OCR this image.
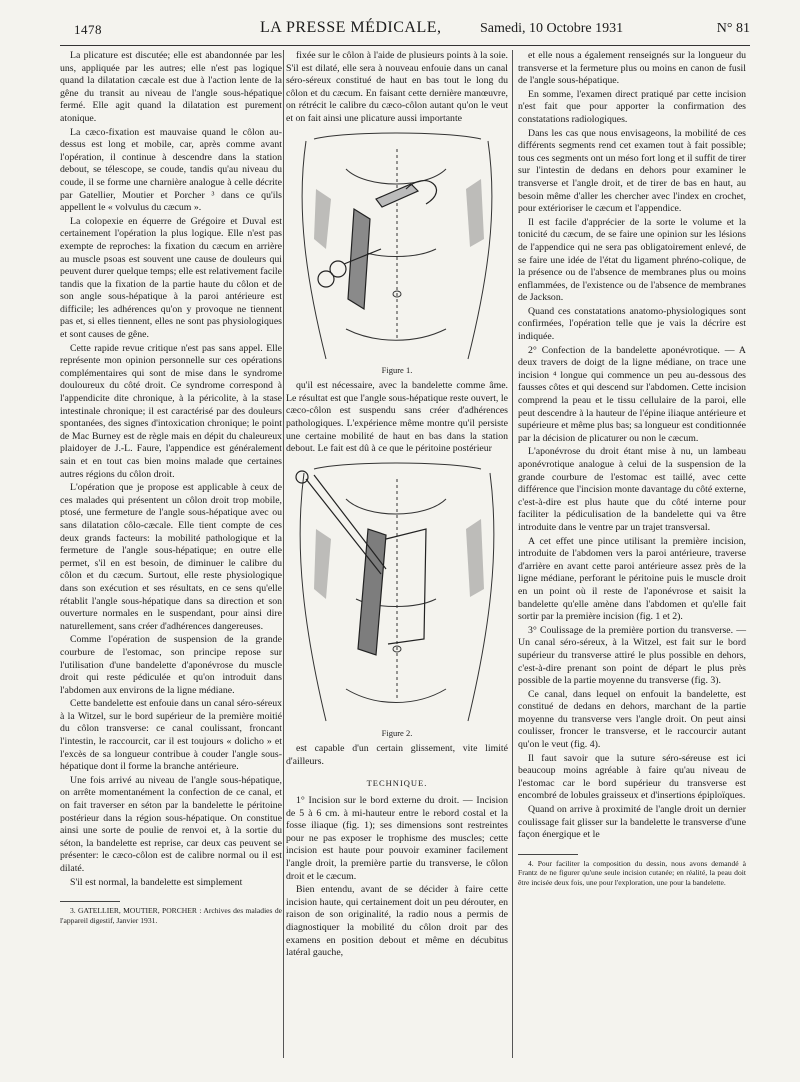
1478	LA PRESSE MÉDICALE,	Samedi, 10 Octobre 1931	N° 81

La plicature est discutée; elle est abandonnée par les uns, appliquée par les autres; elle n'est pas logique quand la dilatation cæcale est due à l'action lente de la gêne du transit au niveau de l'angle sous-hépatique fermé. Elle agit quand la dilatation est purement atonique.

La cæco-fixation est mauvaise quand le côlon au-dessus est long et mobile, car, après comme avant l'opération, il continue à descendre dans la station debout, se télescope, se coude, tandis qu'au niveau du coude, il se forme une charnière analogue à celle décrite par Gatellier, Moutier et Porcher ³ dans ce qu'ils appellent le « volvulus du cæcum ».

La colopexie en équerre de Grégoire et Duval est certainement l'opération la plus logique. Elle n'est pas exempte de reproches: la fixation du cæcum en arrière au muscle psoas est souvent une cause de douleurs qui peuvent durer quelque temps; elle est relativement facile tandis que la fixation de la partie haute du côlon et de son angle sous-hépatique à la paroi antérieure est difficile; les adhérences qu'on y provoque ne tiennent pas et, si elles tiennent, elles ne sont pas physiologiques et sont causes de gêne.

Cette rapide revue critique n'est pas sans appel. Elle représente mon opinion personnelle sur ces opérations complémentaires qui sont de mise dans le syndrome douloureux du côté droit. Ce syndrome correspond à l'appendicite dite chronique, à la péricolite, à la stase intestinale chronique; il est caractérisé par des douleurs spontanées, des signes d'intoxication chronique; le point de Mac Burney est de règle mais en dépit du chaleureux plaidoyer de J.-L. Faure, l'appendice est généralement sain et en tout cas bien moins malade que certaines autres régions du côlon droit.

L'opération que je propose est applicable à ceux de ces malades qui présentent un côlon droit trop mobile, ptosé, une fermeture de l'angle sous-hépatique avec ou sans dilatation côlo-cæcale. Elle tient compte de ces deux grands facteurs: la mobilité pathologique et la fermeture de l'angle sous-hépatique; en outre elle permet, s'il en est besoin, de diminuer le calibre du côlon et du cæcum. Surtout, elle reste physiologique dans son exécution et ses résultats, en ce sens qu'elle rétablit l'angle sous-hépatique dans sa direction et son ouverture normales en le suspendant, pour ainsi dire naturellement, sans créer d'adhérences dangereuses.

Comme l'opération de suspension de la grande courbure de l'estomac, son principe repose sur l'utilisation d'une bandelette d'aponévrose du muscle droit qui reste pédiculée et qu'on introduit dans l'abdomen aux environs de la ligne médiane.

Cette bandelette est enfouie dans un canal séro-séreux à la Witzel, sur le bord supérieur de la première moitié du côlon transverse: ce canal coulissant, froncant l'intestin, le raccourcit, car il est toujours « dolicho » et l'excès de sa longueur contribue à couder l'angle sous-hépatique dont il forme la branche antérieure.

Une fois arrivé au niveau de l'angle sous-hépatique, on arrête momentanément la confection de ce canal, et on fait traverser en séton par la bandelette le péritoine postérieur dans la région sous-hépatique. On constitue ainsi une sorte de poulie de renvoi et, à la sortie du séton, la bandelette est reprise, car deux cas peuvent se présenter: le cæco-côlon est de calibre normal ou il est dilaté.

S'il est normal, la bandelette est simplement

3. GATELLIER, MOUTIER, PORCHER : Archives des maladies de l'appareil digestif, Janvier 1931.

fixée sur le côlon à l'aide de plusieurs points à la soie. S'il est dilaté, elle sera à nouveau enfouie dans un canal séro-séreux constitué de haut en bas tout le long du côlon et du cæcum. En faisant cette dernière manœuvre, on rétrécit le calibre du cæco-côlon autant qu'on le veut et on fait ainsi une plicature aussi importante

Figure 1.

qu'il est nécessaire, avec la bandelette comme âme. Le résultat est que l'angle sous-hépatique reste ouvert, le cæco-côlon est suspendu sans créer d'adhérences pathologiques. L'expérience même montre qu'il persiste une certaine mobilité de haut en bas dans la station debout. Le fait est dû à ce que le péritoine postérieur

Figure 2.

est capable d'un certain glissement, vite limité d'ailleurs.

TECHNIQUE.

1° Incision sur le bord externe du droit. — Incision de 5 à 6 cm. à mi-hauteur entre le rebord costal et la fosse iliaque (fig. 1); ses dimensions sont restreintes pour ne pas exposer le trophisme des muscles; cette incision est haute pour pouvoir examiner facilement l'angle droit, la première partie du transverse, le côlon droit et le cæcum.

Bien entendu, avant de se décider à faire cette incision haute, qui certainement doit un peu dérouter, en raison de son originalité, la radio nous a permis de diagnostiquer la mobilité du côlon droit par des examens en position debout et même en décubitus latéral gauche,

et elle nous a également renseignés sur la longueur du transverse et la fermeture plus ou moins en canon de fusil de l'angle sous-hépatique.

En somme, l'examen direct pratiqué par cette incision n'est fait que pour apporter la confirmation des constatations radiologiques.

Dans les cas que nous envisageons, la mobilité de ces différents segments rend cet examen tout à fait possible; tous ces segments ont un méso fort long et il suffit de tirer sur l'intestin de dedans en dehors pour examiner le transverse et l'angle droit, et de tirer de bas en haut, au besoin même d'aller les chercher avec l'index en crochet, pour extérioriser le cæcum et l'appendice.

Il est facile d'apprécier de la sorte le volume et la tonicité du cæcum, de se faire une opinion sur les lésions de l'appendice qui ne sera pas obligatoirement enlevé, de se faire une idée de l'état du ligament phréno-colique, de la présence ou de l'absence de membranes plus ou moins enflammées, de l'existence ou de l'absence de membranes de Jackson.

Quand ces constatations anatomo-physiologiques sont confirmées, l'opération telle que je vais la décrire est indiquée.

2° Confection de la bandelette aponévrotique. — A deux travers de doigt de la ligne médiane, on trace une incision ⁴ longue qui commence un peu au-dessous des fausses côtes et qui descend sur l'abdomen. Cette incision comprend la peau et le tissu cellulaire de la paroi, elle peut descendre à la hauteur de l'épine iliaque antérieure et supérieure et même plus bas; sa longueur est conditionnée par la décision de plicaturer ou non le cæcum.

L'aponévrose du droit étant mise à nu, un lambeau aponévrotique analogue à celui de la suspension de la grande courbure de l'estomac est taillé, avec cette différence que l'incision monte davantage du côté externe, c'est-à-dire est plus haute que du côté interne pour faciliter la pédiculisation de la bandelette qui va être introduite dans le ventre par un trajet transversal.

A cet effet une pince utilisant la première incision, introduite de l'abdomen vers la paroi antérieure, traverse d'arrière en avant cette paroi antérieure assez près de la ligne médiane, perforant le péritoine puis le muscle droit en un point où il reste de l'aponévrose et saisit la bandelette qu'elle amène dans l'abdomen et qu'elle fait sortir par la première incision (fig. 1 et 2).

3° Coulissage de la première portion du transverse. — Un canal séro-séreux, à la Witzel, est fait sur le bord supérieur du transverse attiré le plus possible en dehors, c'est-à-dire prenant son point de départ le plus près possible de la partie moyenne du transverse (fig. 3).

Ce canal, dans lequel on enfouit la bandelette, est constitué de dedans en dehors, marchant de la partie moyenne du transverse vers l'angle droit. On peut ainsi coulisser, froncer le transverse, et le raccourcir autant qu'on le veut (fig. 4).

Il faut savoir que la suture séro-séreuse est ici beaucoup moins agréable à faire qu'au niveau de l'estomac car le bord supérieur du transverse est encombré de lobules graisseux et d'insertions épiploïques.

Quand on arrive à proximité de l'angle droit un dernier coulissage fait glisser sur la bandelette le transverse d'une façon énergique et le

4. Pour faciliter la composition du dessin, nous avons demandé à Frantz de ne figurer qu'une seule incision cutanée; en réalité, la peau doit être incisée deux fois, une pour l'exploration, une pour la bandelette.
